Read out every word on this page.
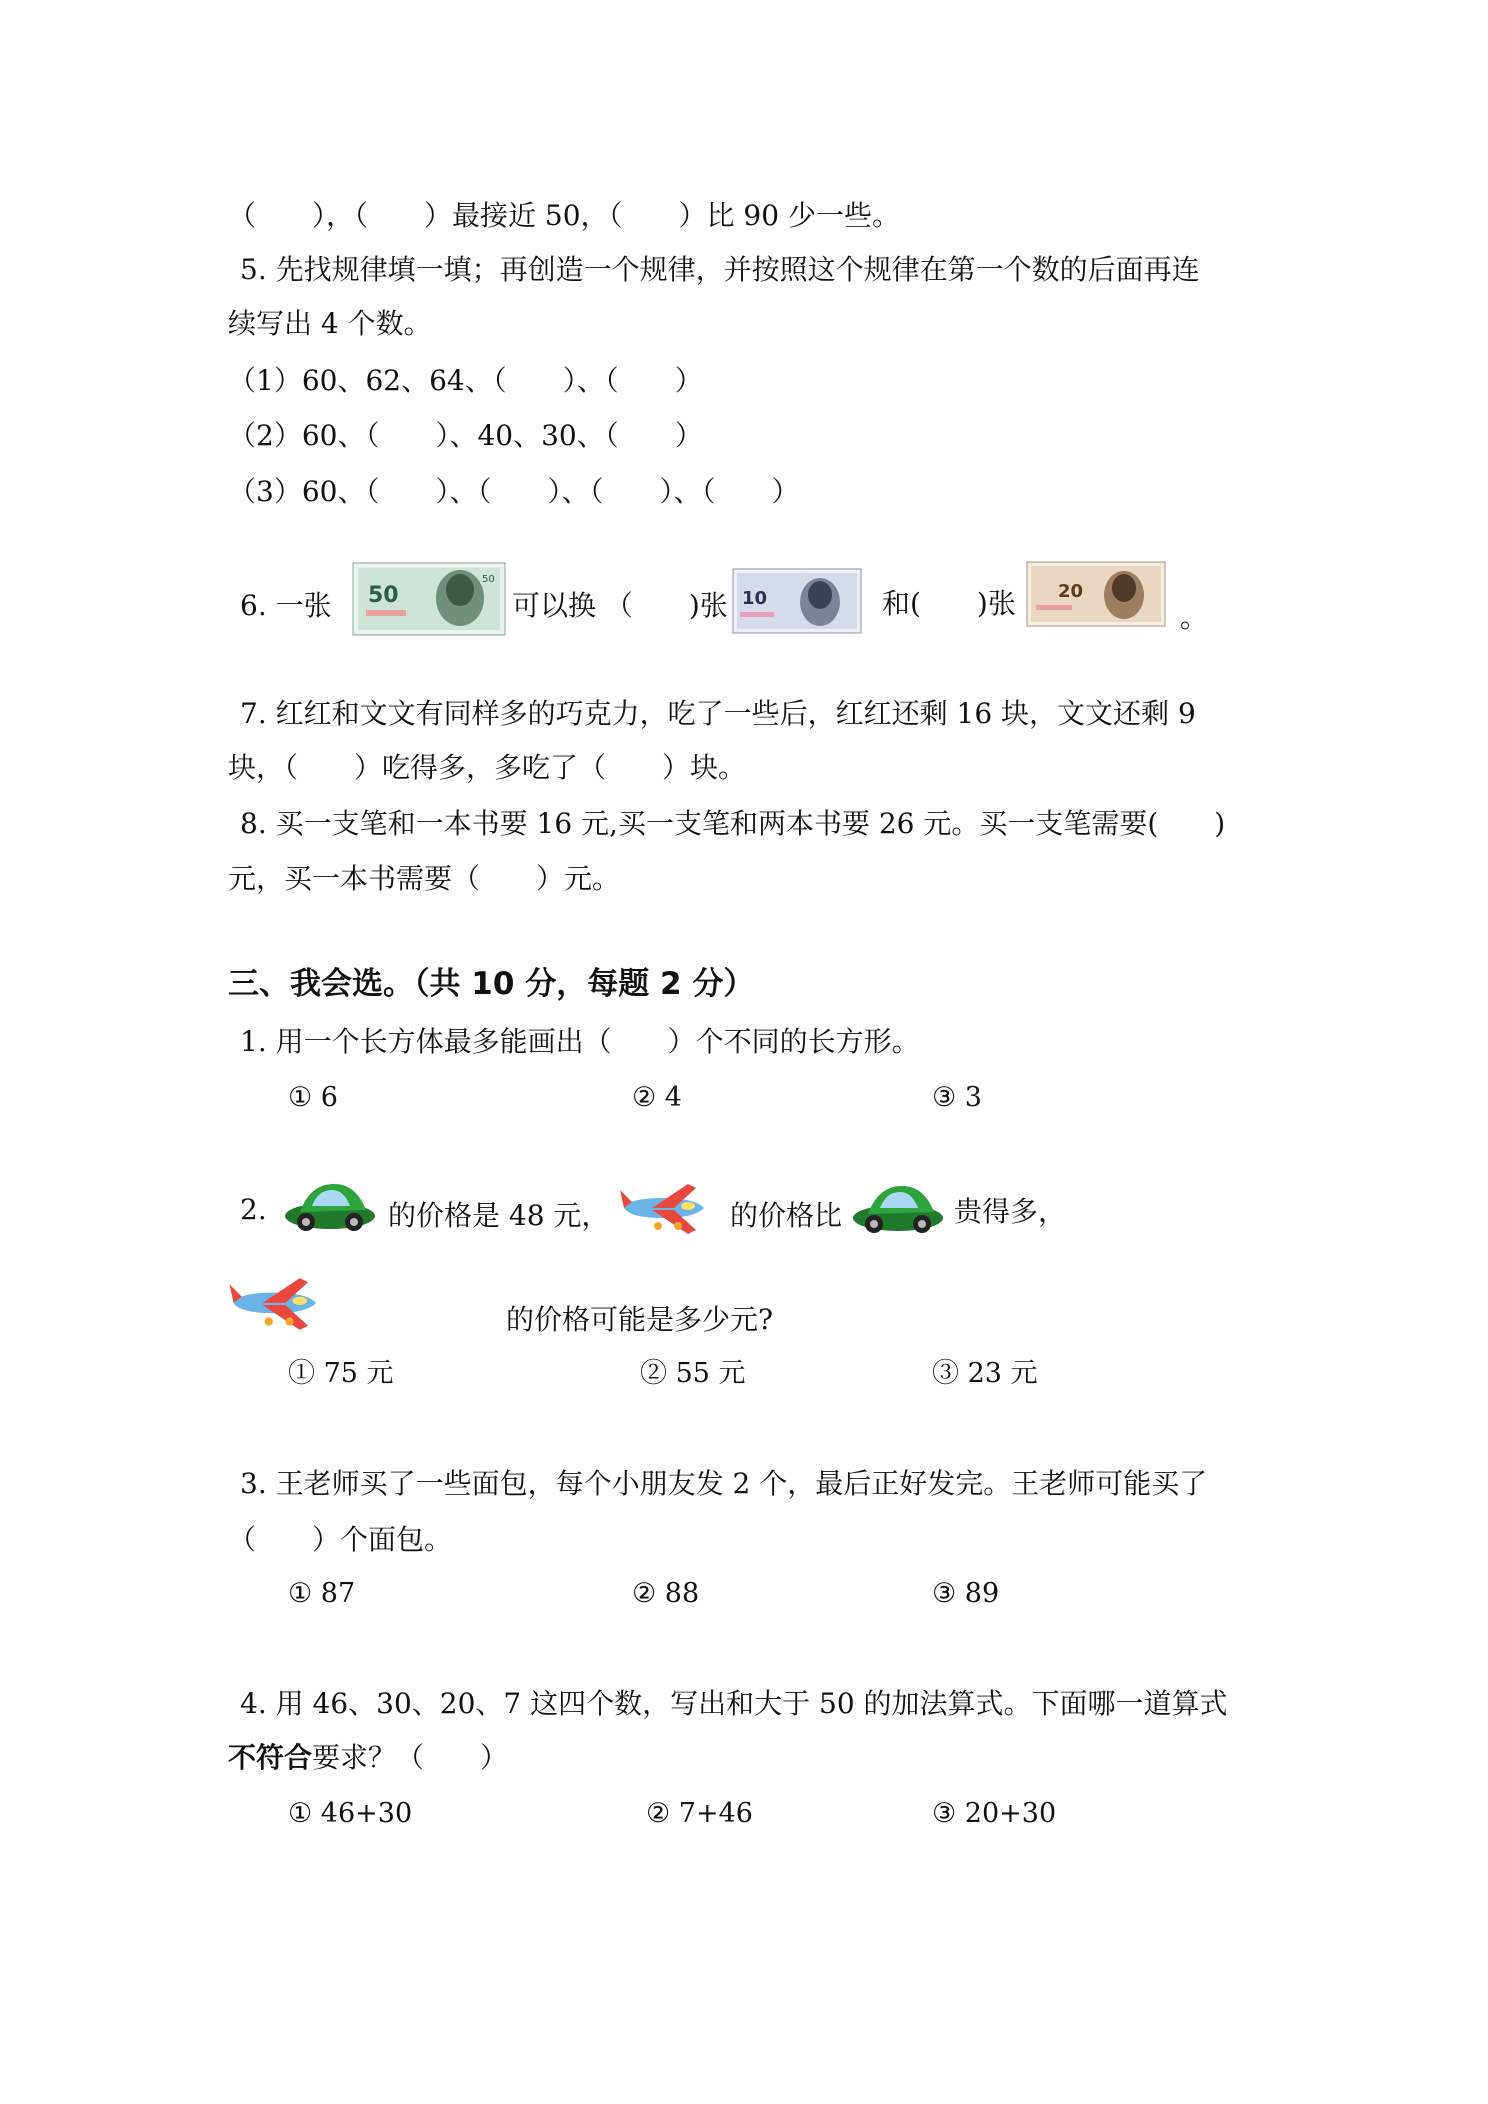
（　　），（　　）最接近 50，（　　）比 90 少一些。
5. 先找规律填一填；再创造一个规律，并按照这个规律在第一个数的后面再连
续写出 4 个数。
（1）60、62、64、（　　）、（　　）
（2）60、（　　）、40、30、（　　）
（3）60、（　　）、（　　）、（　　）、（　　）
6. 一张 50
50
可以换 （　　)张 10	和(　　)张 20
。
7. 红红和文文有同样多的巧克力，吃了一些后，红红还剩 16 块，文文还剩 9
块，（　　）吃得多，多吃了（　　）块。
8. 买一支笔和一本书要 16 元,买一支笔和两本书要 26 元。买一支笔需要(　　)
元，买一本书需要（　　）元。
三、我会选。（共 10 分，每题 2 分）
1. 用一个长方体最多能画出（　　）个不同的长方形。
① 6	② 4	③ 3
2.	的价格是 48 元，	的价格比	贵得多，
的价格可能是多少元?
① 75 元	② 55 元	③ 23 元
3. 王老师买了一些面包，每个小朋友发 2 个，最后正好发完。王老师可能买了
（　　）个面包。
① 87	② 88	③ 89
4. 用 46、30、20、7 这四个数，写出和大于 50 的加法算式。下面哪一道算式
不符合要求？（　　）
① 46+30	② 7+46	③ 20+30
